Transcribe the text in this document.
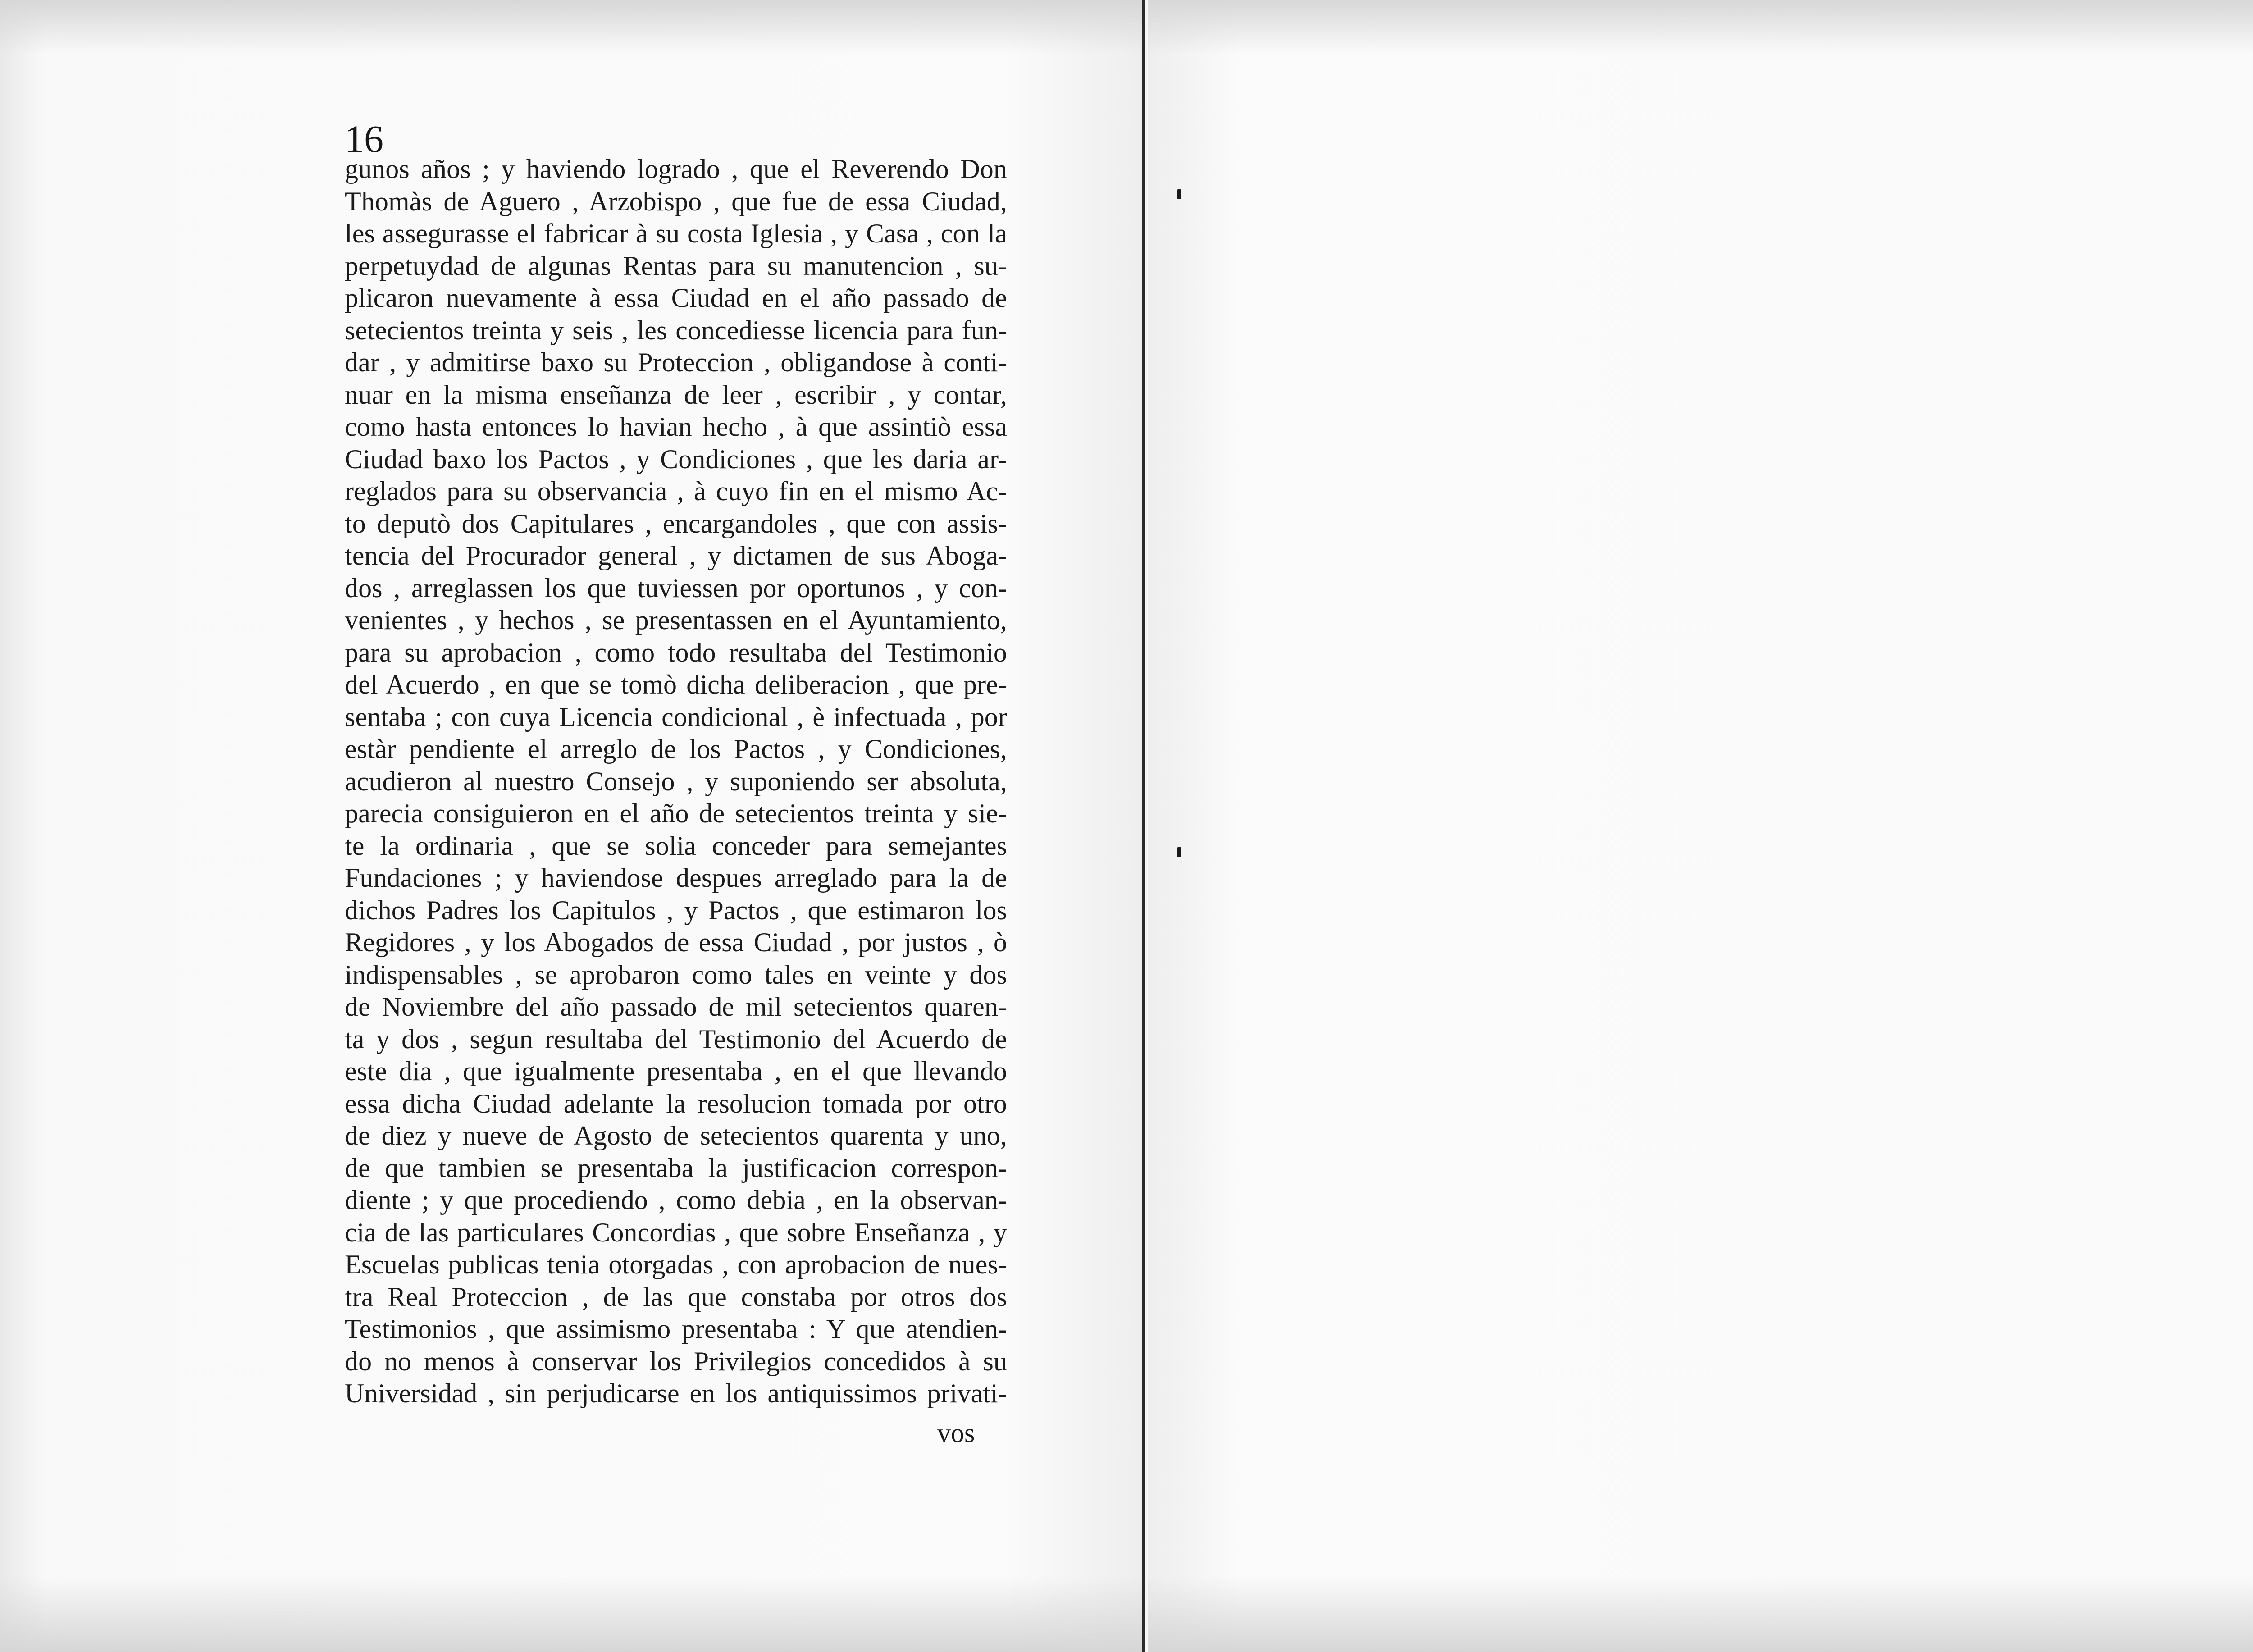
16
gunos años ; y haviendo logrado , que el Reverendo Don
Thomàs de Aguero , Arzobispo , que fue de essa Ciudad,
les assegurasse el fabricar à su costa Iglesia , y Casa , con la
perpetuydad de algunas Rentas para su manutencion , su-
plicaron nuevamente à essa Ciudad en el año passado de
setecientos treinta y seis , les concediesse licencia para fun-
dar , y admitirse baxo su Proteccion , obligandose à conti-
nuar en la misma enseñanza de leer , escribir , y contar,
como hasta entonces lo havian hecho , à que assintiò essa
Ciudad baxo los Pactos , y Condiciones , que les daria ar-
reglados para su observancia , à cuyo fin en el mismo Ac-
to deputò dos Capitulares , encargandoles , que con assis-
tencia del Procurador general , y dictamen de sus Aboga-
dos , arreglassen los que tuviessen por oportunos , y con-
venientes , y hechos , se presentassen en el Ayuntamiento,
para su aprobacion , como todo resultaba del Testimonio
del Acuerdo , en que se tomò dicha deliberacion , que pre-
sentaba ; con cuya Licencia condicional , è infectuada , por
estàr pendiente el arreglo de los Pactos , y Condiciones,
acudieron al nuestro Consejo , y suponiendo ser absoluta,
parecia consiguieron en el año de setecientos treinta y sie-
te la ordinaria , que se solia conceder para semejantes
Fundaciones ; y haviendose despues arreglado para la de
dichos Padres los Capitulos , y Pactos , que estimaron los
Regidores , y los Abogados de essa Ciudad , por justos , ò
indispensables , se aprobaron como tales en veinte y dos
de Noviembre del año passado de mil setecientos quaren-
ta y dos , segun resultaba del Testimonio del Acuerdo de
este dia , que igualmente presentaba , en el que llevando
essa dicha Ciudad adelante la resolucion tomada por otro
de diez y nueve de Agosto de setecientos quarenta y uno,
de que tambien se presentaba la justificacion correspon-
diente ; y que procediendo , como debia , en la observan-
cia de las particulares Concordias , que sobre Enseñanza , y
Escuelas publicas tenia otorgadas , con aprobacion de nues-
tra Real Proteccion , de las que constaba por otros dos
Testimonios , que assimismo presentaba : Y que atendien-
do no menos à conservar los Privilegios concedidos à su
Universidad , sin perjudicarse en los antiquissimos privati-
vos
